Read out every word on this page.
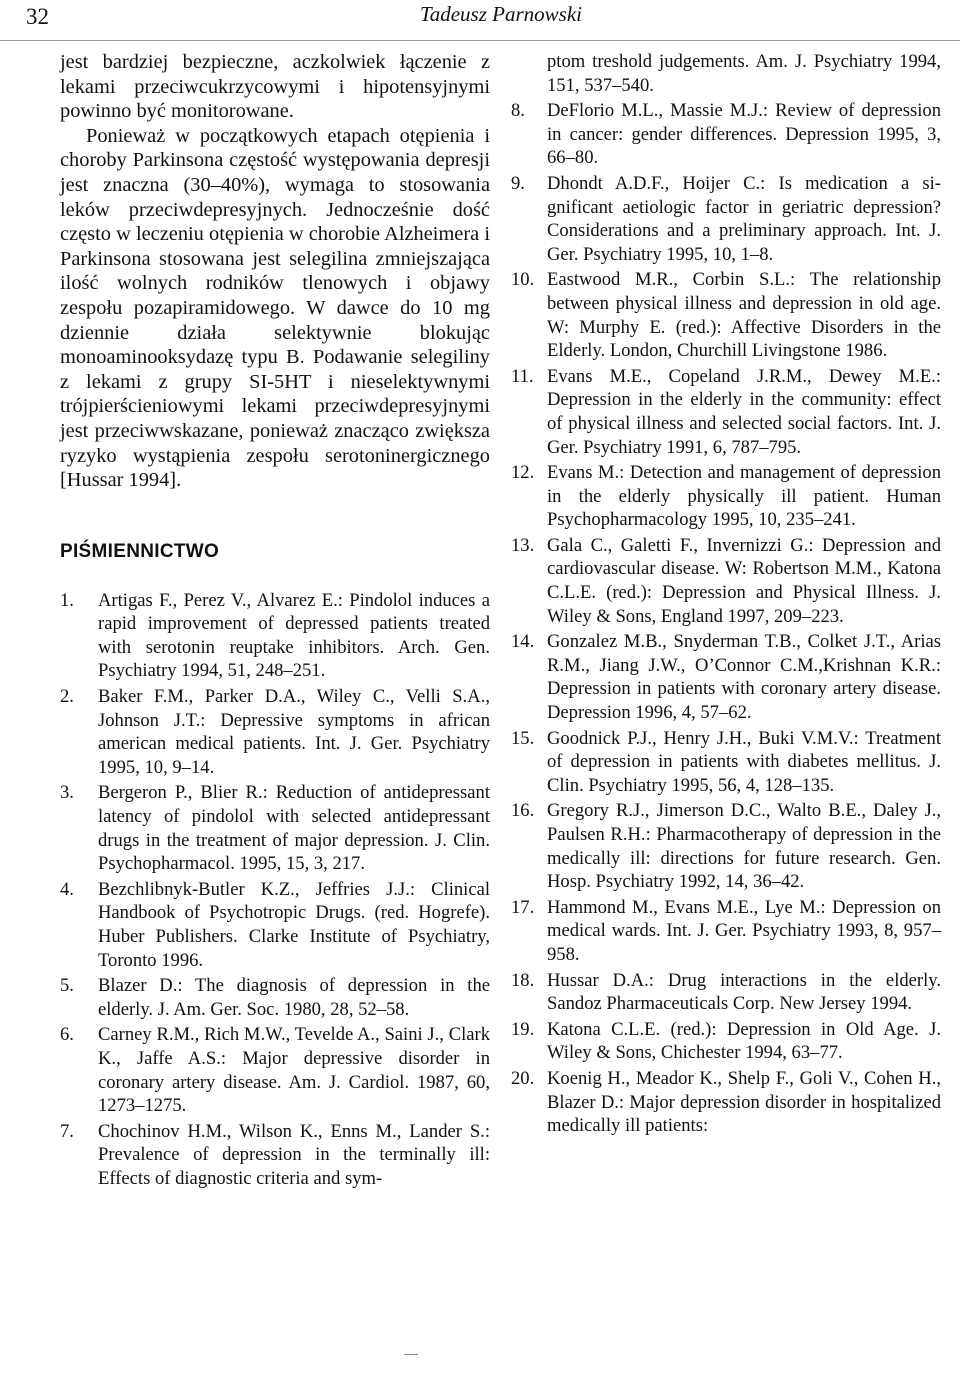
32	Tadeusz Parnowski

jest bardziej bezpieczne, aczkolwiek łączenie z lekami przeciwcukrzycowymi i hipotensyjnymi powinno być monitorowane.

Ponieważ w początkowych etapach otępienia i choroby Parkinsona częstość występowania depresji jest znaczna (30–40%), wymaga to stosowania leków przeciwdepresyjnych. Jednocześnie dość często w leczeniu otępienia w chorobie Alzheimera i Parkinsona stosowana jest selegilina zmniejszająca ilość wolnych rodników tlenowych i objawy zespołu pozapiramidowego. W dawce do 10 mg dziennie działa selektywnie blokując monoaminooksydazę typu B. Podawanie selegiliny z lekami z grupy SI-5HT i nieselektywnymi trójpierścieniowymi lekami przeciwdepresyjnymi jest przeciwwskazane, ponieważ znacząco zwiększa ryzyko wystąpienia zespołu serotoninergicznego [Hussar 1994].

PIŚMIENNICTWO
1. Artigas F., Perez V., Alvarez E.: Pindolol induces a rapid improvement of depressed patients treated with serotonin reuptake inhibitors. Arch. Gen. Psychiatry 1994, 51, 248–251.
2. Baker F.M., Parker D.A., Wiley C., Velli S.A., Johnson J.T.: Depressive symptoms in african american medical patients. Int. J. Ger. Psychiatry 1995, 10, 9–14.
3. Bergeron P., Blier R.: Reduction of antidepressant latency of pindolol with selected antidepressant drugs in the treatment of major depression. J. Clin. Psychopharmacol. 1995, 15, 3, 217.
4. Bezchlibnyk-Butler K.Z., Jeffries J.J.: Clinical Handbook of Psychotropic Drugs. (red. Hogrefe). Huber Publishers. Clarke Institute of Psychiatry, Toronto 1996.
5. Blazer D.: The diagnosis of depression in the elderly. J. Am. Ger. Soc. 1980, 28, 52–58.
6. Carney R.M., Rich M.W., Tevelde A., Saini J., Clark K., Jaffe A.S.: Major depressive disorder in coronary artery disease. Am. J. Cardiol. 1987, 60, 1273–1275.
7. Chochinov H.M., Wilson K., Enns M., Lander S.: Prevalence of depression in the terminally ill: Effects of diagnostic criteria and sym-

ptom treshold judgements. Am. J. Psychiatry 1994, 151, 537–540.

8. DeFlorio M.L., Massie M.J.: Review of depression in cancer: gender differences. Depression 1995, 3, 66–80.
9. Dhondt A.D.F., Hoijer C.: Is medication a significant aetiologic factor in geriatric depression? Considerations and a preliminary approach. Int. J. Ger. Psychiatry 1995, 10, 1–8.
10. Eastwood M.R., Corbin S.L.: The relationship between physical illness and depression in old age. W: Murphy E. (red.): Affective Disorders in the Elderly. London, Churchill Livingstone 1986.
11. Evans M.E., Copeland J.R.M., Dewey M.E.: Depression in the elderly in the community: effect of physical illness and selected social factors. Int. J. Ger. Psychiatry 1991, 6, 787–795.
12. Evans M.: Detection and management of depression in the elderly physically ill patient. Human Psychopharmacology 1995, 10, 235–241.
13. Gala C., Galetti F., Invernizzi G.: Depression and cardiovascular disease. W: Robertson M.M., Katona C.L.E. (red.): Depression and Physical Illness. J. Wiley & Sons, England 1997, 209–223.
14. Gonzalez M.B., Snyderman T.B., Colket J.T., Arias R.M., Jiang J.W., O’Connor C.M.,Krishnan K.R.: Depression in patients with coronary artery disease. Depression 1996, 4, 57–62.
15. Goodnick P.J., Henry J.H., Buki V.M.V.: Treatment of depression in patients with diabetes mellitus. J. Clin. Psychiatry 1995, 56, 4, 128–135.
16. Gregory R.J., Jimerson D.C., Walto B.E., Daley J., Paulsen R.H.: Pharmacotherapy of depression in the medically ill: directions for future research. Gen. Hosp. Psychiatry 1992, 14, 36–42.
17. Hammond M., Evans M.E., Lye M.: Depression on medical wards. Int. J. Ger. Psychiatry 1993, 8, 957–958.
18. Hussar D.A.: Drug interactions in the elderly. Sandoz Pharmaceuticals Corp. New Jersey 1994.
19. Katona C.L.E. (red.): Depression in Old Age. J. Wiley & Sons, Chichester 1994, 63–77.
20. Koenig H., Meador K., Shelp F., Goli V., Cohen H., Blazer D.: Major depression disorder in hospitalized medically ill patients:
